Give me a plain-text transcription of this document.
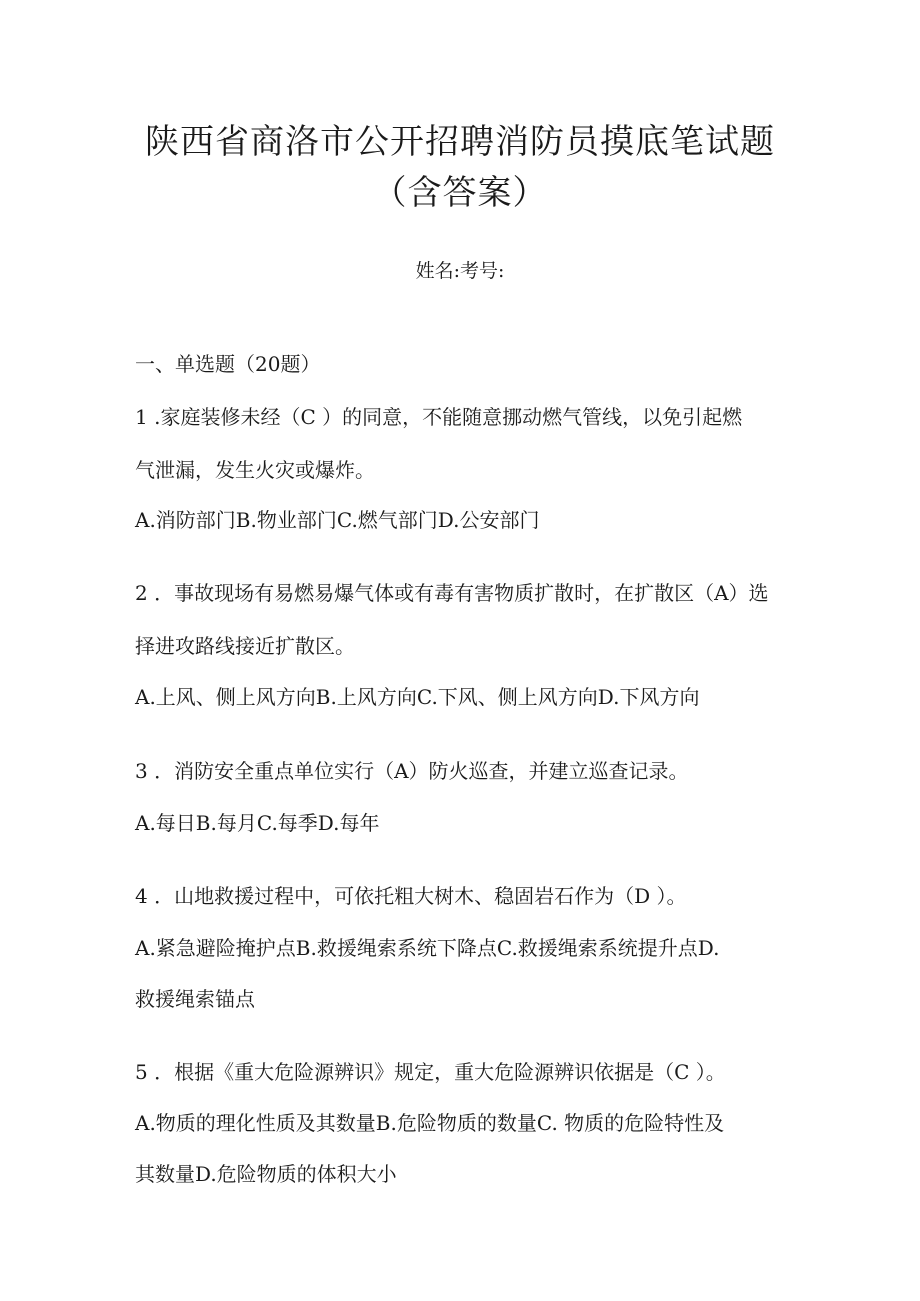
陕西省商洛市公开招聘消防员摸底笔试题
（含答案）
姓名:考号:
一、单选题（20题）
1 .家庭装修未经（C ）的同意，不能随意挪动燃气管线，以免引起燃
气泄漏，发生火灾或爆炸。
A.消防部门B.物业部门C.燃气部门D.公安部门
2 ．事故现场有易燃易爆气体或有毒有害物质扩散时，在扩散区（A）选
择进攻路线接近扩散区。
A.上风、侧上风方向B.上风方向C.下风、侧上风方向D.下风方向
3 ．消防安全重点单位实行（A）防火巡查，并建立巡查记录。
A.每日B.每月C.每季D.每年
4 ．山地救援过程中，可依托粗大树木、稳固岩石作为（D ）。
A.紧急避险掩护点B.救援绳索系统下降点C.救援绳索系统提升点D.
救援绳索锚点
5 ．根据《重大危险源辨识》规定，重大危险源辨识依据是（C ）。
A.物质的理化性质及其数量B.危险物质的数量C. 物质的危险特性及
其数量D.危险物质的体积大小
